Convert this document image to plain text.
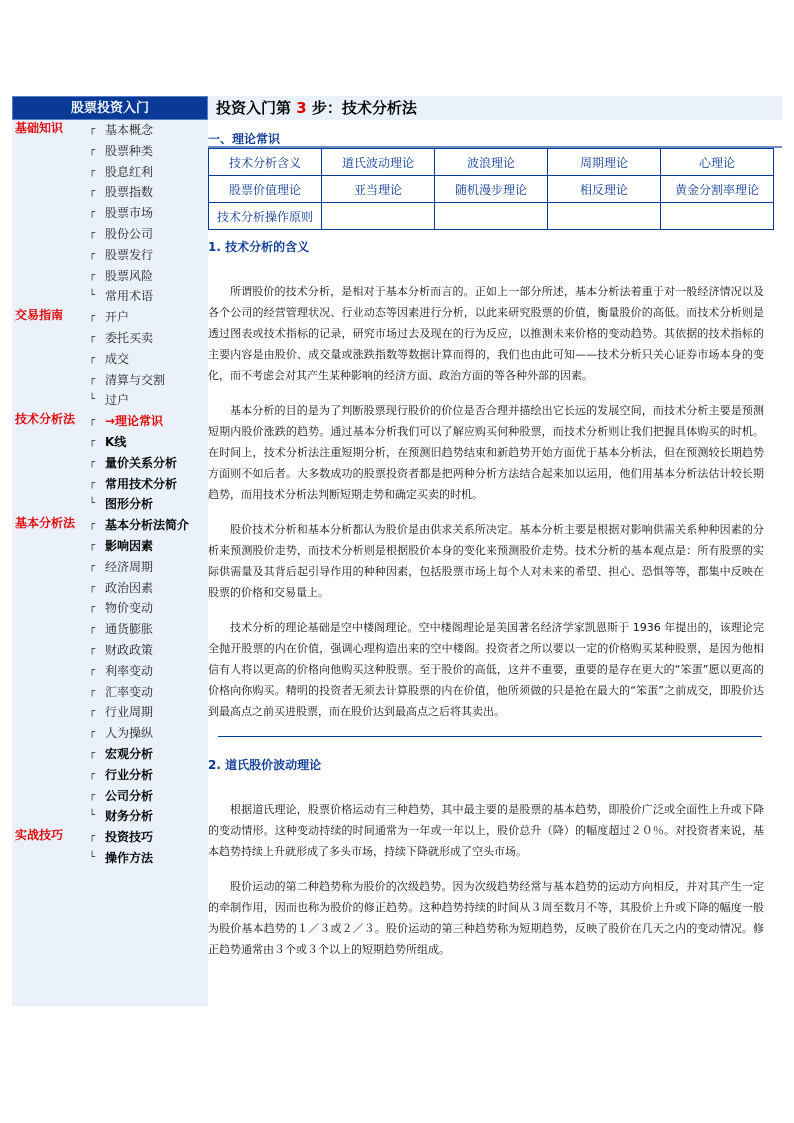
股票投资入门
基础知识	┌ 基本概念
┌ 股票种类
┌ 股息红利
┌ 股票指数
┌ 股票市场
┌ 股份公司
┌ 股票发行
┌ 股票风险
└ 常用术语
交易指南	┌ 开户
┌ 委托买卖
┌ 成交
┌ 清算与交割
└ 过户
技术分析法 ┌ →理论常识
┌ K线
┌ 量价关系分析
┌ 常用技术分析
└ 图形分析
基本分析法 ┌ 基本分析法简介
┌ 影响因素
┌ 经济周期
┌ 政治因素
┌ 物价变动
┌ 通货膨胀
┌ 财政政策
┌ 利率变动
┌ 汇率变动
┌ 行业周期
┌ 人为操纵
┌ 宏观分析
┌ 行业分析
┌ 公司分析
└ 财务分析
实战技巧	┌ 投资技巧
└ 操作方法
投资入门第 3 步：技术分析法
一、理论常识
技术分析含义	道氏波动理论	波浪理论	周期理论	心理论
股票价值理论	亚当理论	随机漫步理论	相反理论	黄金分割率理论
技术分析操作原则				
1. 技术分析的含义

所谓股价的技术分析，是相对于基本分析而言的。正如上一部分所述，基本分析法着重于对一般经济情况以及各个公司的经营管理状况、行业动态等因素进行分析，以此来研究股票的价值，衡量股价的高低。而技术分析则是透过图表或技术指标的记录，研究市场过去及现在的行为反应，以推测未来价格的变动趋势。其依据的技术指标的主要内容是由股价、成交量或涨跌指数等数据计算而得的，我们也由此可知——技术分析只关心证券市场本身的变化，而不考虑会对其产生某种影响的经济方面、政治方面的等各种外部的因素。

基本分析的目的是为了判断股票现行股价的价位是否合理并描绘出它长远的发展空间，而技术分析主要是预测短期内股价涨跌的趋势。通过基本分析我们可以了解应购买何种股票，而技术分析则让我们把握具体购买的时机。在时间上，技术分析法注重短期分析，在预测旧趋势结束和新趋势开始方面优于基本分析法，但在预测较长期趋势方面则不如后者。大多数成功的股票投资者都是把两种分析方法结合起来加以运用，他们用基本分析法估计较长期趋势，而用技术分析法判断短期走势和确定买卖的时机。

股价技术分析和基本分析都认为股价是由供求关系所决定。基本分析主要是根据对影响供需关系种种因素的分析来预测股价走势，而技术分析则是根据股价本身的变化来预测股价走势。技术分析的基本观点是：所有股票的实际供需量及其背后起引导作用的种种因素，包括股票市场上每个人对未来的希望、担心、恐惧等等，都集中反映在股票的价格和交易量上。

技术分析的理论基础是空中楼阁理论。空中楼阁理论是美国著名经济学家凯恩斯于 1936 年提出的，该理论完全抛开股票的内在价值，强调心理构造出来的空中楼阁。投资者之所以要以一定的价格购买某种股票，是因为他相信有人将以更高的价格向他购买这种股票。至于股价的高低，这并不重要，重要的是存在更大的“笨蛋”愿以更高的价格向你购买。精明的投资者无须去计算股票的内在价值，他所须做的只是抢在最大的“笨蛋”之前成交，即股价达到最高点之前买进股票，而在股价达到最高点之后将其卖出。

2. 道氏股价波动理论

根据道氏理论，股票价格运动有三种趋势，其中最主要的是股票的基本趋势，即股价广泛或全面性上升或下降的变动情形。这种变动持续的时间通常为一年或一年以上，股价总升（降）的幅度超过２０％。对投资者来说，基本趋势持续上升就形成了多头市场，持续下降就形成了空头市场。

股价运动的第二种趋势称为股价的次级趋势。因为次级趋势经常与基本趋势的运动方向相反，并对其产生一定的牵制作用，因而也称为股价的修正趋势。这种趋势持续的时间从３周至数月不等，其股价上升或下降的幅度一般为股价基本趋势的１／３或２／３。股价运动的第三种趋势称为短期趋势，反映了股价在几天之内的变动情况。修正趋势通常由３个或３个以上的短期趋势所组成。
